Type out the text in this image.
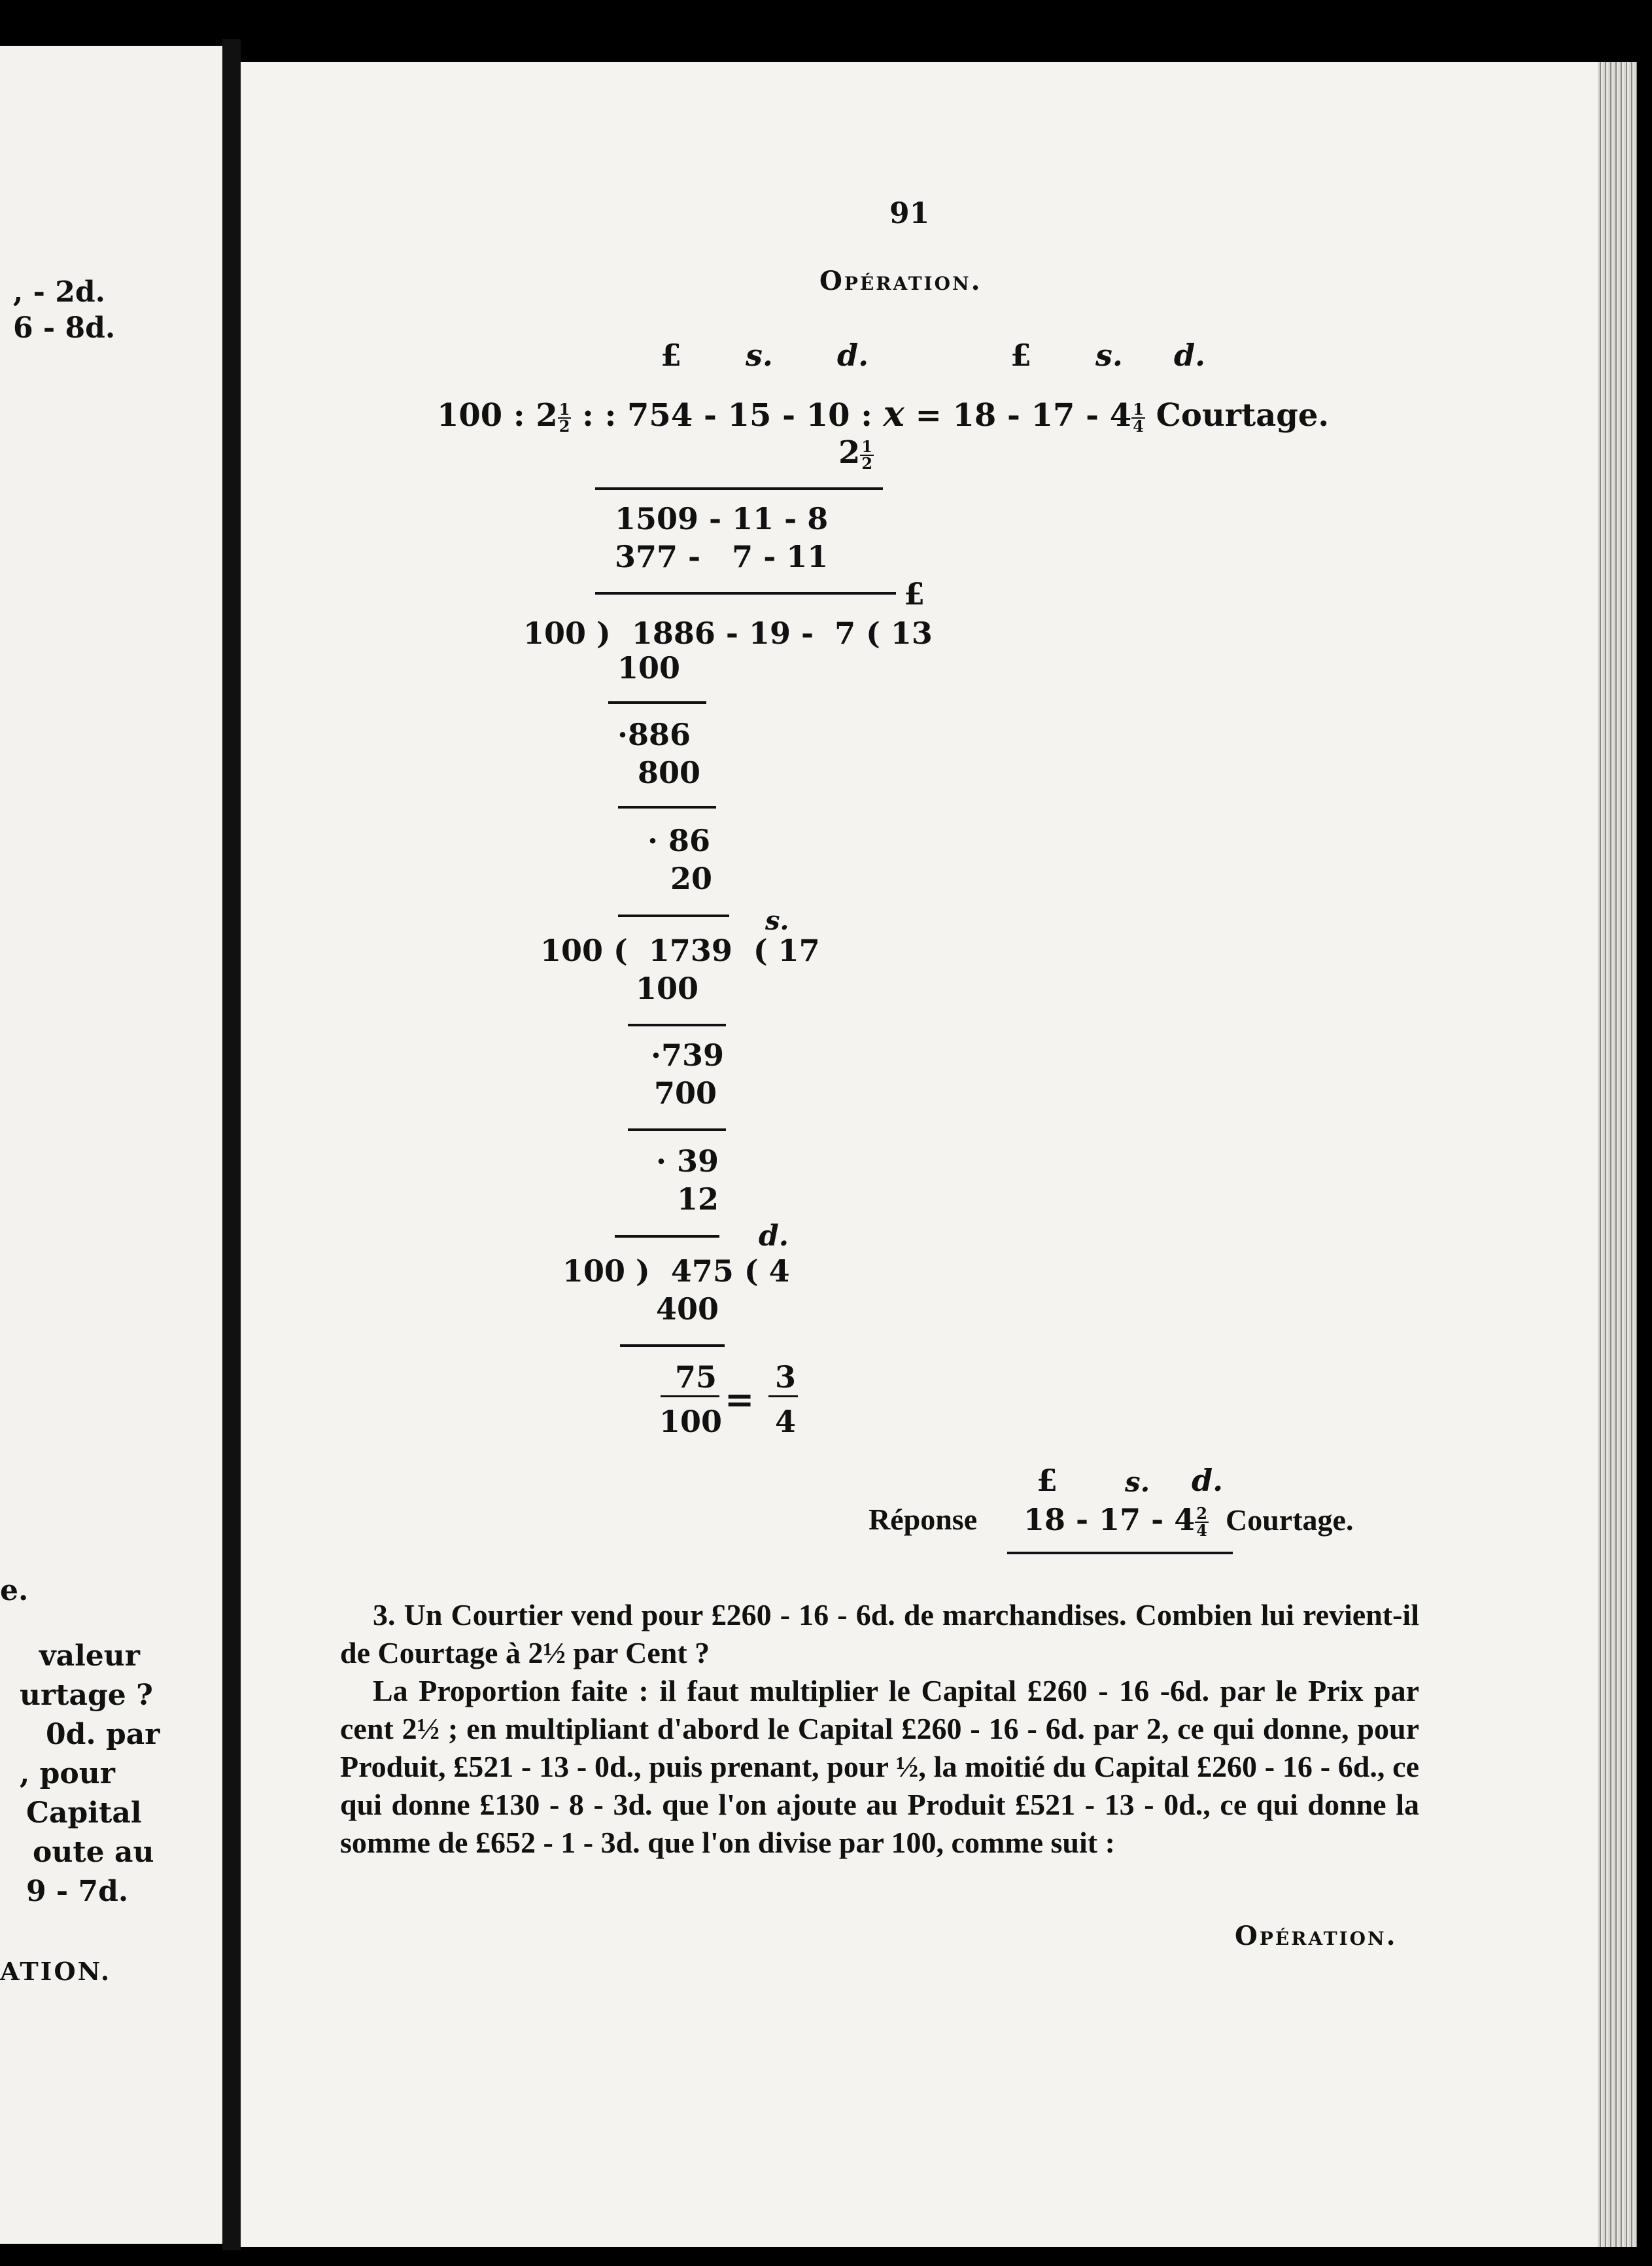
, - 2d.
6 - 8d.
e.
valeur
urtage ?
0d. par
, pour
Capital
oute au
9 - 7d.
ATION.

91
Opération.
£ s. d.	£ s. d.
100 : $2 \frac{1}{2}$ : : 754 - 15 - 10 : $x = 18 - 17 - 4 \frac{1}{4}$ Courtage.
$2 \frac{1}{2}$
1509 - 11 - 8
377 -   7 - 11
£
100 )  1886 - 19 -  7 ( 13
100
·886
800
· 86
20
s.
100 (  1739  ( 17
100
·739
700
· 39
12
d.
100 )  475 ( 4
400
75
100
=
3
4
£ s. d.
Réponse $18 - 17 - 4 \frac{2}{4}$ Courtage.
3. Un Courtier vend pour £260 - 16 - 6d. de marchandises. Combien lui revient-il de Courtage à 2½ par Cent ?
La Proportion faite : il faut multiplier le Capital £260 - 16 -6d. par le Prix par cent 2½ ; en multipliant d'abord le Capital £260 - 16 - 6d. par 2, ce qui donne, pour Produit, £521 - 13 - 0d., puis prenant, pour ½, la moitié du Capital £260 - 16 - 6d., ce qui donne £130 - 8 - 3d. que l'on ajoute au Produit £521 - 13 - 0d., ce qui donne la somme de £652 - 1 - 3d. que l'on divise par 100, comme suit :
Opération.
